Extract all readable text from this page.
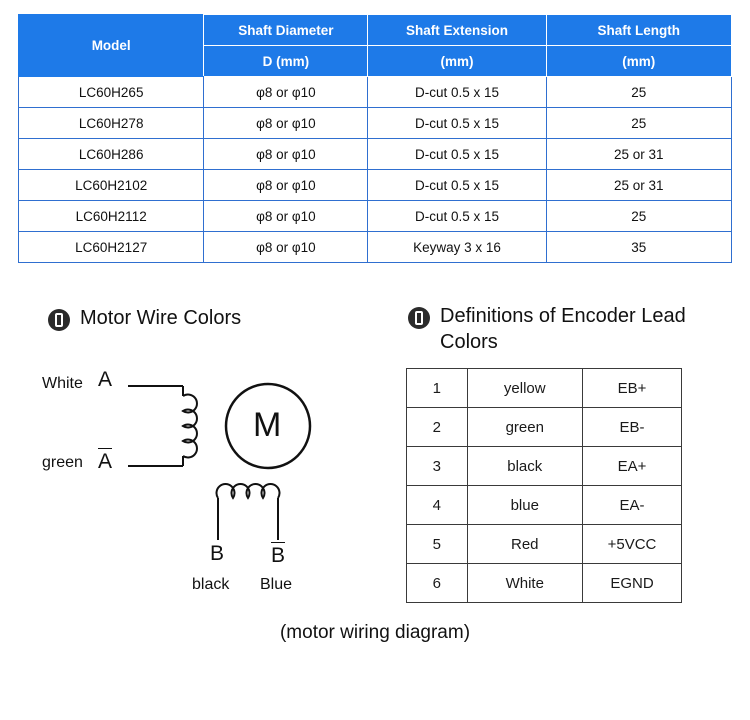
Model	Shaft Diameter	Shaft Extension	Shaft Length
	D (mm)	(mm)	(mm)
LC60H265	φ8 or φ10	D-cut 0.5 x 15	25
LC60H278	φ8 or φ10	D-cut 0.5 x 15	25
LC60H286	φ8 or φ10	D-cut 0.5 x 15	25 or 31
LC60H2102	φ8 or φ10	D-cut 0.5 x 15	25 or 31
LC60H2112	φ8 or φ10	D-cut 0.5 x 15	25
LC60H2127	φ8 or φ10	Keyway 3 x 16	35
Motor Wire Colors	Definitions of Encoder Lead Colors
1	yellow	EB+
2	green	EB-
3	black	EA+
4	blue	EA-
5	Red	+5VCC
6	White	EGND
White A
green A
M
B B
black Blue
(motor wiring diagram)
